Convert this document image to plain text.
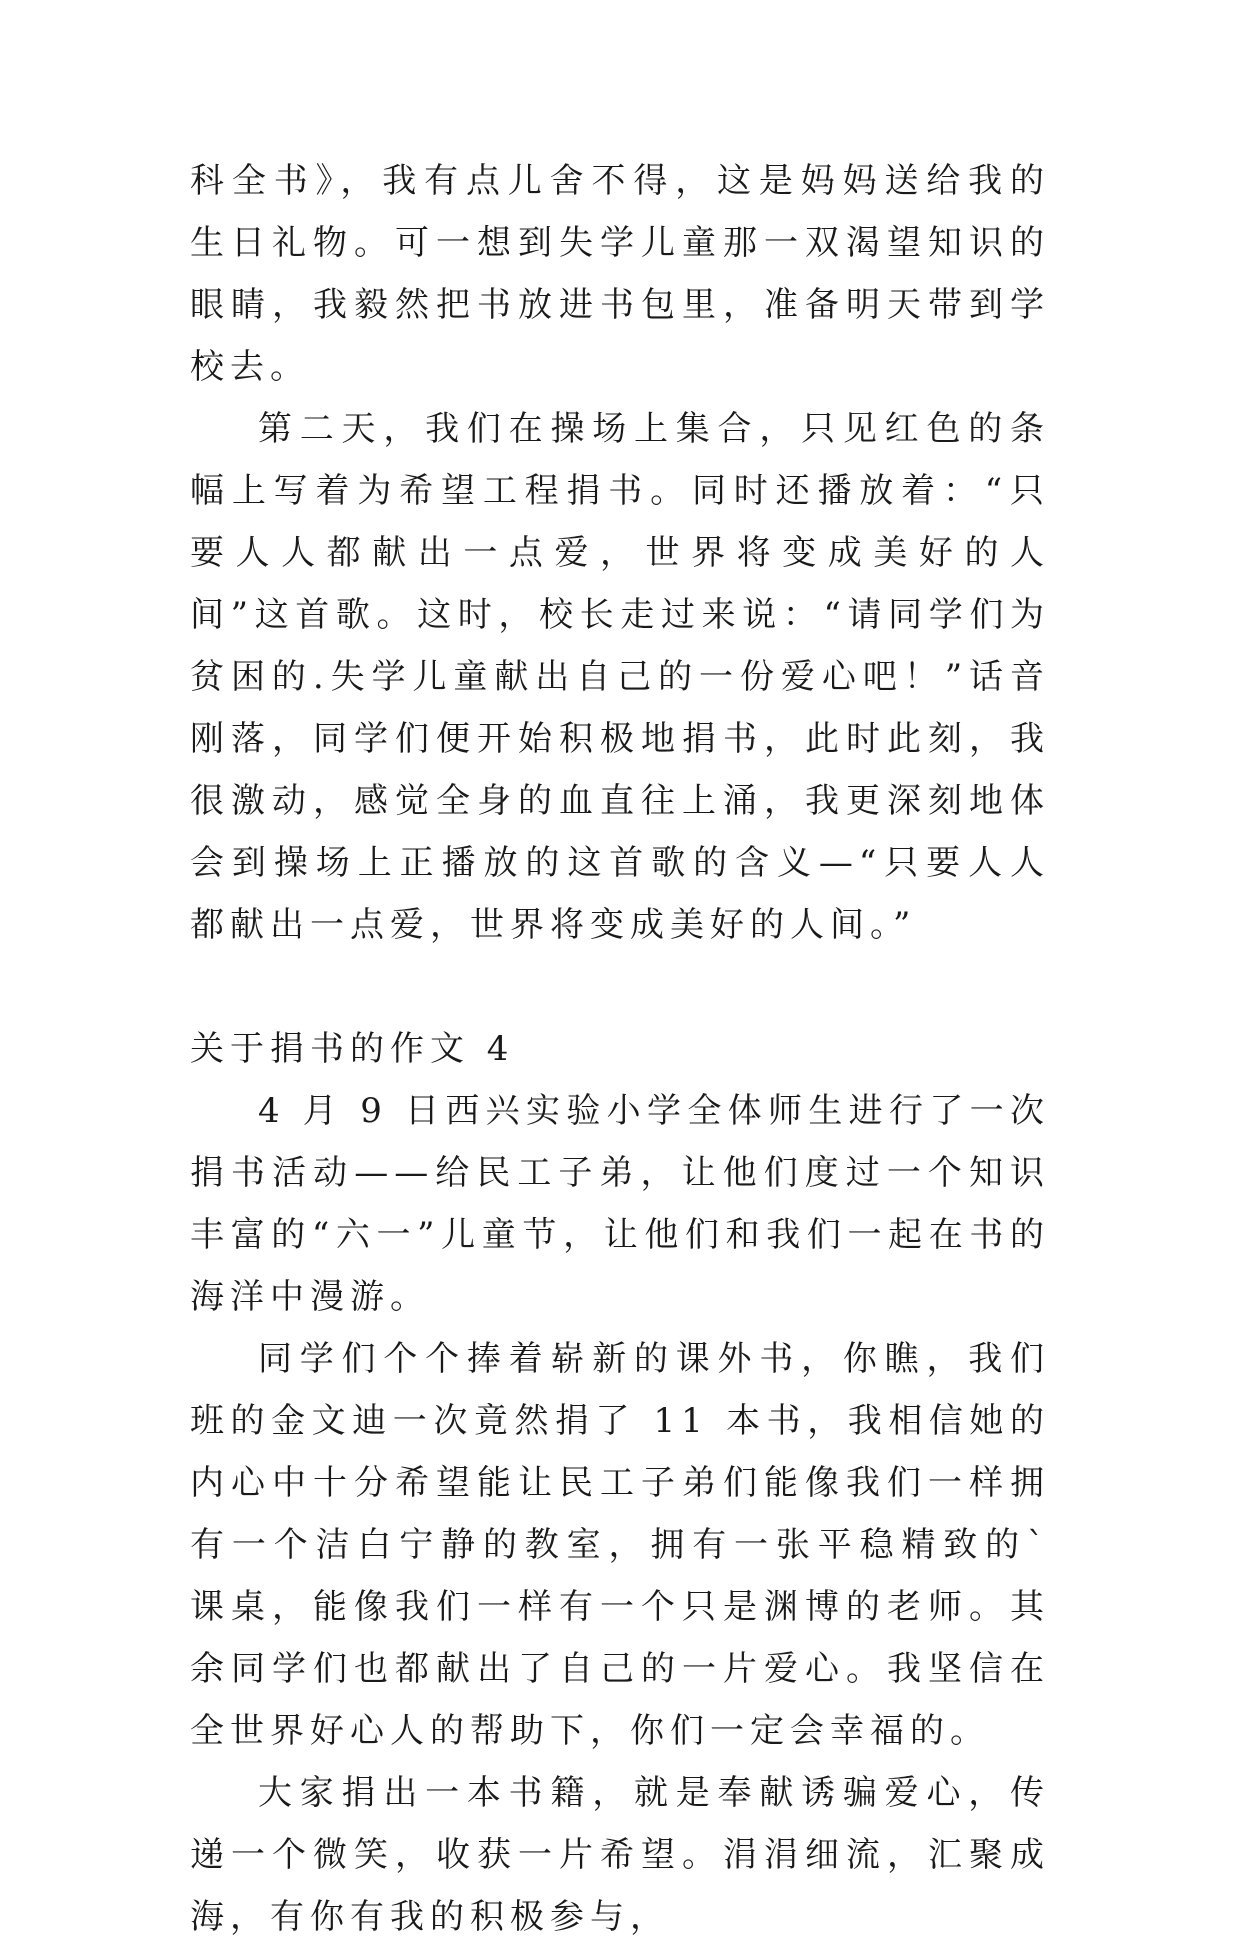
科全书》，我有点儿舍不得，这是妈妈送给我的生日礼物。可一想到失学儿童那一双渴望知识的眼睛，我毅然把书放进书包里，准备明天带到学校去。

第二天，我们在操场上集合，只见红色的条幅上写着为希望工程捐书。同时还播放着：“只要人人都献出一点爱，世界将变成美好的人间”这首歌。这时，校长走过来说：“请同学们为贫困的.失学儿童献出自己的一份爱心吧！”话音刚落，同学们便开始积极地捐书，此时此刻，我很激动，感觉全身的血直往上涌，我更深刻地体会到操场上正播放的这首歌的含义—“只要人人都献出一点爱，世界将变成美好的人间。”

关于捐书的作文 4

4 月 9 日西兴实验小学全体师生进行了一次捐书活动——给民工子弟，让他们度过一个知识丰富的“六一”儿童节，让他们和我们一起在书的海洋中漫游。

同学们个个捧着崭新的课外书，你瞧，我们班的金文迪一次竟然捐了 11 本书，我相信她的内心中十分希望能让民工子弟们能像我们一样拥有一个洁白宁静的教室，拥有一张平稳精致的`课桌，能像我们一样有一个只是渊博的老师。其余同学们也都献出了自己的一片爱心。我坚信在全世界好心人的帮助下，你们一定会幸福的。

大家捐出一本书籍，就是奉献诱骗爱心，传递一个微笑，收获一片希望。涓涓细流，汇聚成海，有你有我的积极参与，
